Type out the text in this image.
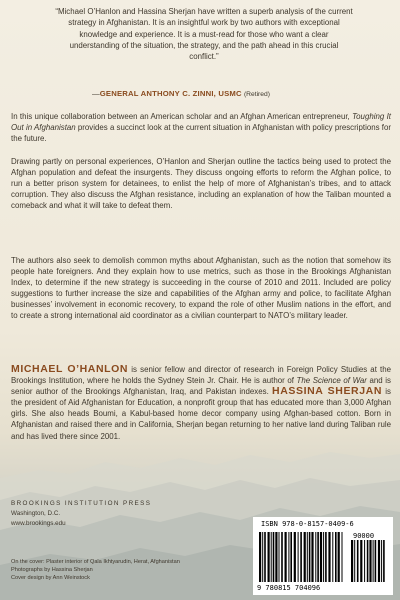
“Michael O’Hanlon and Hassina Sherjan have written a superb analysis of the current strategy in Afghanistan. It is an insightful work by two authors with exceptional knowledge and experience. It is a must-read for those who want a clear understanding of the situation, the strategy, and the path ahead in this crucial conflict.”
—GENERAL ANTHONY C. ZINNI, USMC (Retired)
In this unique collaboration between an American scholar and an Afghan American entrepreneur, Toughing It Out in Afghanistan provides a succinct look at the current situation in Afghanistan with policy prescriptions for the future.
Drawing partly on personal experiences, O’Hanlon and Sherjan outline the tactics being used to protect the Afghan population and defeat the insurgents. They discuss ongoing efforts to reform the Afghan police, to run a better prison system for detainees, to enlist the help of more of Afghanistan’s tribes, and to attack corruption. They also discuss the Afghan resistance, including an explanation of how the Taliban mounted a comeback and what it will take to defeat them.
The authors also seek to demolish common myths about Afghanistan, such as the notion that somehow its people hate foreigners. And they explain how to use metrics, such as those in the Brookings Afghanistan Index, to determine if the new strategy is succeeding in the course of 2010 and 2011. Included are policy suggestions to further increase the size and capabilities of the Afghan army and police, to facilitate Afghan businesses’ involvement in economic recovery, to expand the role of other Muslim nations in the effort, and to create a strong international aid coordinator as a civilian counterpart to NATO’s military leader.
MICHAEL O’HANLON is senior fellow and director of research in Foreign Policy Studies at the Brookings Institution, where he holds the Sydney Stein Jr. Chair. He is author of The Science of War and is senior author of the Brookings Afghanistan, Iraq, and Pakistan indexes. HASSINA SHERJAN is the president of Aid Afghanistan for Education, a nonprofit group that has educated more than 3,000 Afghan girls. She also heads Boumi, a Kabul-based home decor company using Afghan-based cotton. Born in Afghanistan and raised there and in California, Sherjan began returning to her native land during Taliban rule and has lived there since 2001.
BROOKINGS INSTITUTION PRESS
Washington, D.C.
www.brookings.edu
On the cover: Plaster interior of Qala Ikhtyarudin, Herat, Afghanistan
Photographs by Hassina Sherjan
Cover design by Ann Weinstock
ISBN 978-0-8157-0409-6
90000
9 780815 704096
